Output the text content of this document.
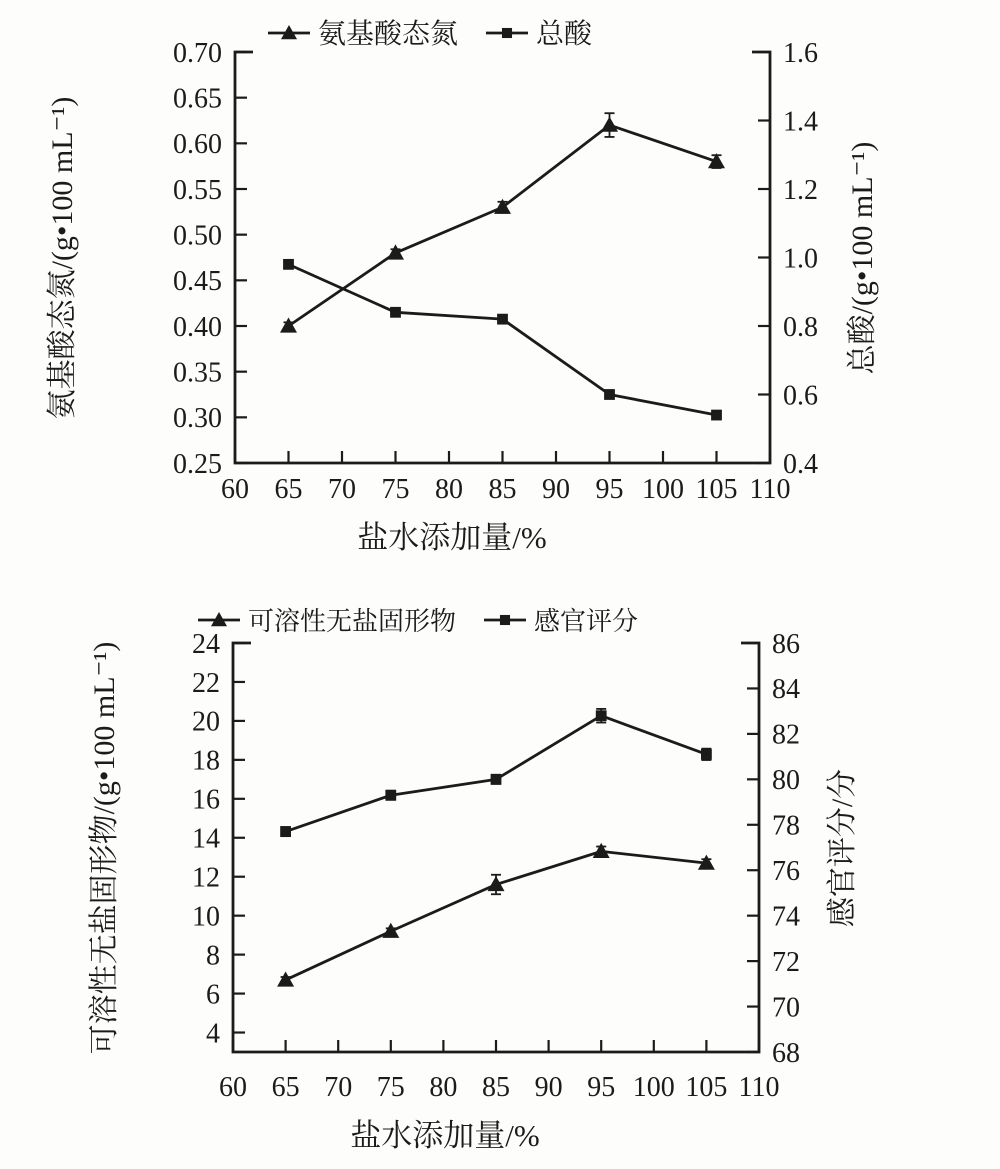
氨基酸态氮/(g•100 mL⁻¹)	总酸/(g•100 mL⁻¹)
盐水添加量/%
0.70
0.65
0.60
0.55
0.50
0.45
0.40
0.35
0.30
0.25
1.6
1.4
1.2
1.0
0.8
0.6
0.4
60 65 70 75 80 85 90 95 100 105 110
氨基酸态氮	总酸
可溶性无盐固形物/(g•100 mL⁻¹)	感官评分/分
盐水添加量/%
24
22
20
18
16
14
12
10
8
6
4
86
84
82
80
78
76
74
72
70
68
60 65 70 75 80 85 90 95 100 105 110
可溶性无盐固形物	感官评分
